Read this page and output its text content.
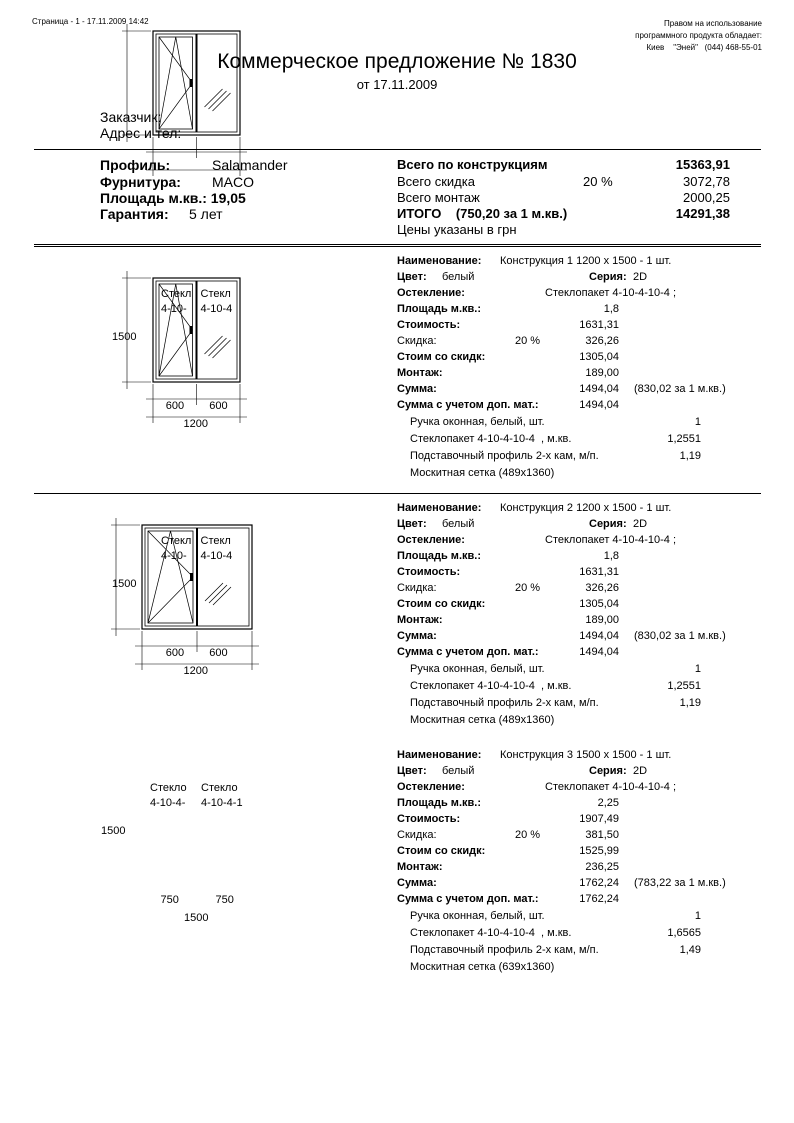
Страница - 1 - 17.11.2009 14:42	Правом на использование
программного продукта обладает:
Киев    "Эней"   (044) 468-55-01
Коммерческое предложение № 1830
от 17.11.2009
Заказчик:
Адрес и тел:
Профиль:	Salamander
Фурнитура: MACO
Площадь м.кв.: 19,05
Гарантия: 5 лет
Всего по конструкциям	15363,91
Всего скидка	20 %	3072,78
Всего монтаж	2000,25
ИТОГО    (750,20 за 1 м.кв.)	14291,38
Цены указаны в грн
Наименование: Конструкция 1 1200 x 1500 - 1 шт.
Цвет: белый	Серия: 2D
Остекление:	Стеклопакет 4-10-4-10-4 ;
Площадь м.кв.:	1,8
Стоимость:	1631,31
Скидка:	20 %	326,26
Стоим со скидк:	1305,04
Монтаж:	189,00
Сумма:	1494,04 (830,02 за 1 м.кв.)
Сумма с учетом доп. мат.:	1494,04
Ручка оконная, белый, шт.	1
Стеклопакет 4-10-4-10-4  , м.кв.	1,2551
Подставочный профиль 2-х кам, м/п.	1,19
Москитная сетка (489x1360)
1500
600 600
1200
Стекл
4-10-
Стекл
4-10-4
Наименование: Конструкция 2 1200 x 1500 - 1 шт.
Цвет: белый	Серия: 2D
Остекление:	Стеклопакет 4-10-4-10-4 ;
Площадь м.кв.:	1,8
Стоимость:	1631,31
Скидка:	20 %	326,26
Стоим со скидк:	1305,04
Монтаж:	189,00
Сумма:	1494,04 (830,02 за 1 м.кв.)
Сумма с учетом доп. мат.:	1494,04
Ручка оконная, белый, шт.	1
Стеклопакет 4-10-4-10-4  , м.кв.	1,2551
Подставочный профиль 2-х кам, м/п.	1,19
Москитная сетка (489x1360)
1500
600 600
1200
Стекл
4-10-
Стекл
4-10-4
Наименование: Конструкция 3 1500 x 1500 - 1 шт.
Цвет: белый	Серия: 2D
Остекление:	Стеклопакет 4-10-4-10-4 ;
Площадь м.кв.:	2,25
Стоимость:	1907,49
Скидка:	20 %	381,50
Стоим со скидк:	1525,99
Монтаж:	236,25
Сумма:	1762,24 (783,22 за 1 м.кв.)
Сумма с учетом доп. мат.:	1762,24
Ручка оконная, белый, шт.	1
Стеклопакет 4-10-4-10-4  , м.кв.	1,6565
Подставочный профиль 2-х кам, м/п.	1,49
Москитная сетка (639x1360)
1500
750	750
1500
Стекло
4-10-4-
Стекло
4-10-4-1
